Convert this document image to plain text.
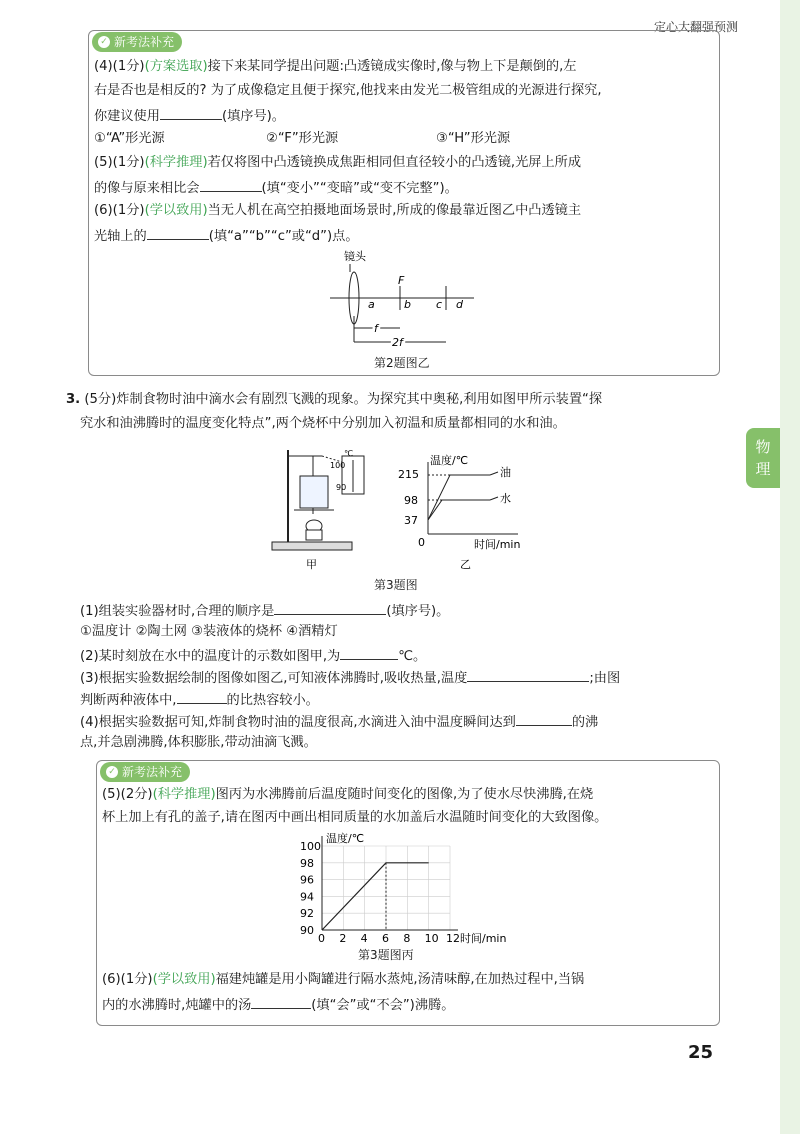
定心大翻强预测
物理
✓ 新考法补充
(4)(1分)(方案选取)接下来某同学提出问题:凸透镜成实像时,像与物上下是颠倒的,左
右是否也是相反的? 为了成像稳定且便于探究,他找来由发光二极管组成的光源进行探究,
你建议使用	(填序号)。
①“A”形光源	②“F”形光源	③“H”形光源
(5)(1分)(科学推理)若仅将图中凸透镜换成焦距相同但直径较小的凸透镜,光屏上所成
的像与原来相比会	(填“变小”“变暗”或“变不完整”)。
(6)(1分)(学以致用)当无人机在高空拍摄地面场景时,所成的像最靠近图乙中凸透镜主
光轴上的	(填“a”“b”“c”或“d”)点。
镜头
F
a	b c d
f
2f
第2题图乙
3. (5分)炸制食物时油中滴水会有剧烈飞溅的现象。为探究其中奥秘,利用如图甲所示装置“探
究水和油沸腾时的温度变化特点”,两个烧杯中分别加入初温和质量都相同的水和油。
℃
100
90
甲
温度/℃
时间/min
0
215
98
37
油
水
乙
第3题图
(1)组装实验器材时,合理的顺序是	(填序号)。
①温度计 ②陶土网 ③装液体的烧杯 ④酒精灯
(2)某时刻放在水中的温度计的示数如图甲,为	℃。
(3)根据实验数据绘制的图像如图乙,可知液体沸腾时,吸收热量,温度	;由图
判断两种液体中,	的比热容较小。
(4)根据实验数据可知,炸制食物时油的温度很高,水滴进入油中温度瞬间达到	的沸
点,并急剧沸腾,体积膨胀,带动油滴飞溅。
✓ 新考法补充
(5)(2分)(科学推理)图丙为水沸腾前后温度随时间变化的图像,为了使水尽快沸腾,在烧
杯上加上有孔的盖子,请在图丙中画出相同质量的水加盖后水温随时间变化的大致图像。
90
92
94
96
98
100
0 2 4 6 8 10 12
温度/℃
时间/min
第3题图丙
(6)(1分)(学以致用)福建炖罐是用小陶罐进行隔水蒸炖,汤清味醇,在加热过程中,当锅
内的水沸腾时,炖罐中的汤	(填“会”或“不会”)沸腾。
25
